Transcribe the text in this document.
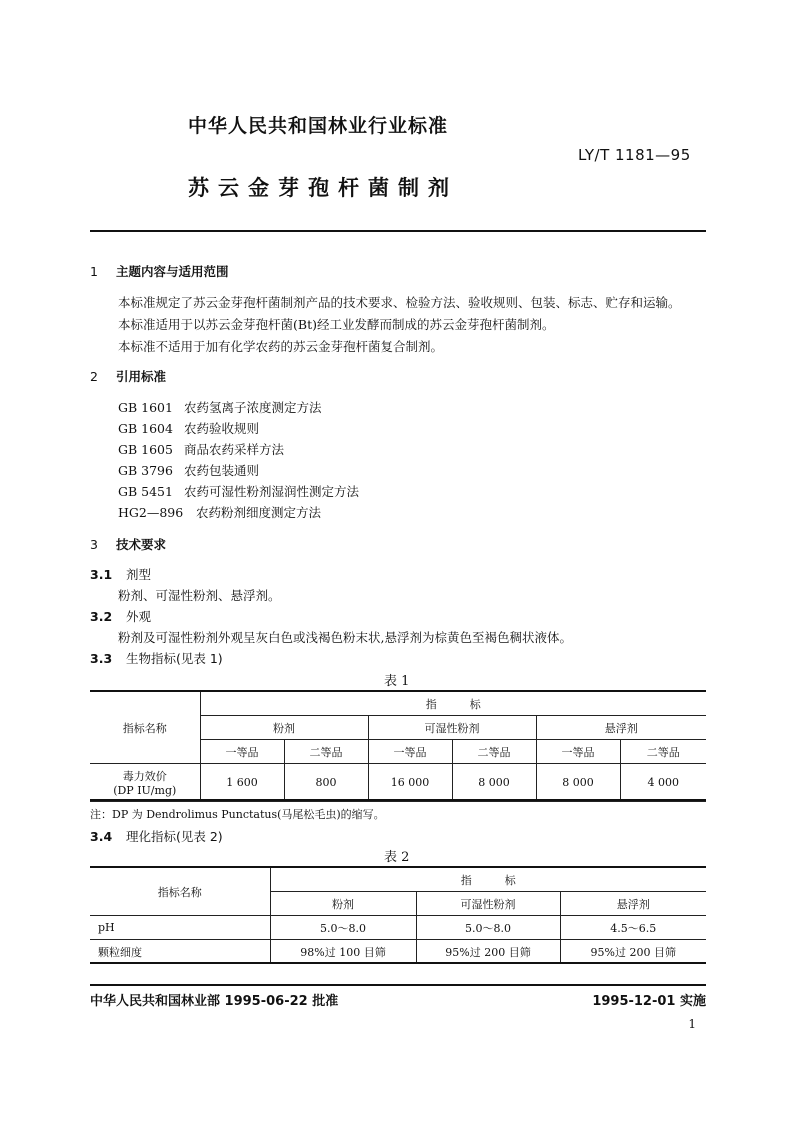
中华人民共和国林业行业标准
LY/T 1181—95
苏云金芽孢杆菌制剂
1 主题内容与适用范围
本标准规定了苏云金芽孢杆菌制剂产品的技术要求、检验方法、验收规则、包装、标志、贮存和运输。
本标准适用于以苏云金芽孢杆菌(Bt)经工业发酵而制成的苏云金芽孢杆菌制剂。
本标准不适用于加有化学农药的苏云金芽孢杆菌复合制剂。
2 引用标准
GB 1601 农药氢离子浓度测定方法
GB 1604 农药验收规则
GB 1605 商品农药采样方法
GB 3796 农药包装通则
GB 5451 农药可湿性粉剂湿润性测定方法
HG2—896 农药粉剂细度测定方法
3 技术要求
3.1 剂型
粉剂、可湿性粉剂、悬浮剂。
3.2 外观
粉剂及可湿性粉剂外观呈灰白色或浅褐色粉末状,悬浮剂为棕黄色至褐色稠状液体。
3.3 生物指标(见表 1)
表 1
指标名称	指　　　标					
	粉剂		可湿性粉剂		悬浮剂	
	一等品	二等品	一等品	二等品	一等品	二等品

毒力效价
(DP IU/mg)	1 600	800	16 000	8 000	8 000	4 000
注：DP 为 Dendrolimus Punctatus(马尾松毛虫)的缩写。
3.4 理化指标(见表 2)
表 2
指标名称	指　　　标		
	粉剂	可湿性粉剂	悬浮剂
pH	5.0～8.0	5.0～8.0	4.5～6.5
颗粒细度	98%过 100 目筛	95%过 200 目筛	95%过 200 目筛
中华人民共和国林业部 1995-06-22 批准	1995-12-01 实施
1
